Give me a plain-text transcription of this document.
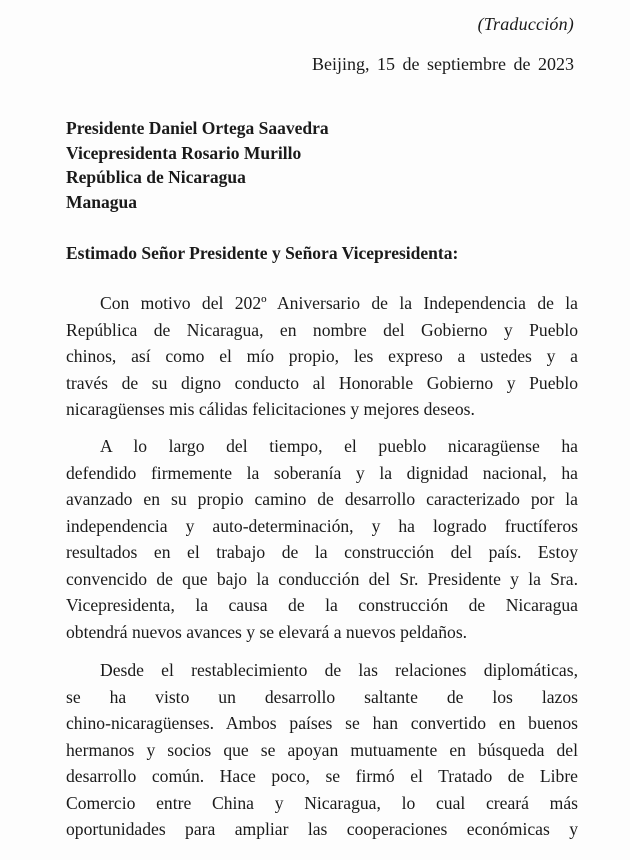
(Traducción)
Beijing, 15 de septiembre de 2023
Presidente Daniel Ortega Saavedra
Vicepresidenta Rosario Murillo
República de Nicaragua
Managua
Estimado Señor Presidente y Señora Vicepresidenta:
Con motivo del 202º Aniversario de la Independencia de la
República de Nicaragua, en nombre del Gobierno y Pueblo
chinos, así como el mío propio, les expreso a ustedes y a
través de su digno conducto al Honorable Gobierno y Pueblo
nicaragüenses mis cálidas felicitaciones y mejores deseos.
A lo largo del tiempo, el pueblo nicaragüense ha
defendido firmemente la soberanía y la dignidad nacional, ha
avanzado en su propio camino de desarrollo caracterizado por la
independencia y auto-determinación, y ha logrado fructíferos
resultados en el trabajo de la construcción del país. Estoy
convencido de que bajo la conducción del Sr. Presidente y la Sra.
Vicepresidenta, la causa de la construcción de Nicaragua
obtendrá nuevos avances y se elevará a nuevos peldaños.
Desde el restablecimiento de las relaciones diplomáticas,
se ha visto un desarrollo saltante de los lazos
chino-nicaragüenses. Ambos países se han convertido en buenos
hermanos y socios que se apoyan mutuamente en búsqueda del
desarrollo común. Hace poco, se firmó el Tratado de Libre
Comercio entre China y Nicaragua, lo cual creará más
oportunidades para ampliar las cooperaciones económicas y
